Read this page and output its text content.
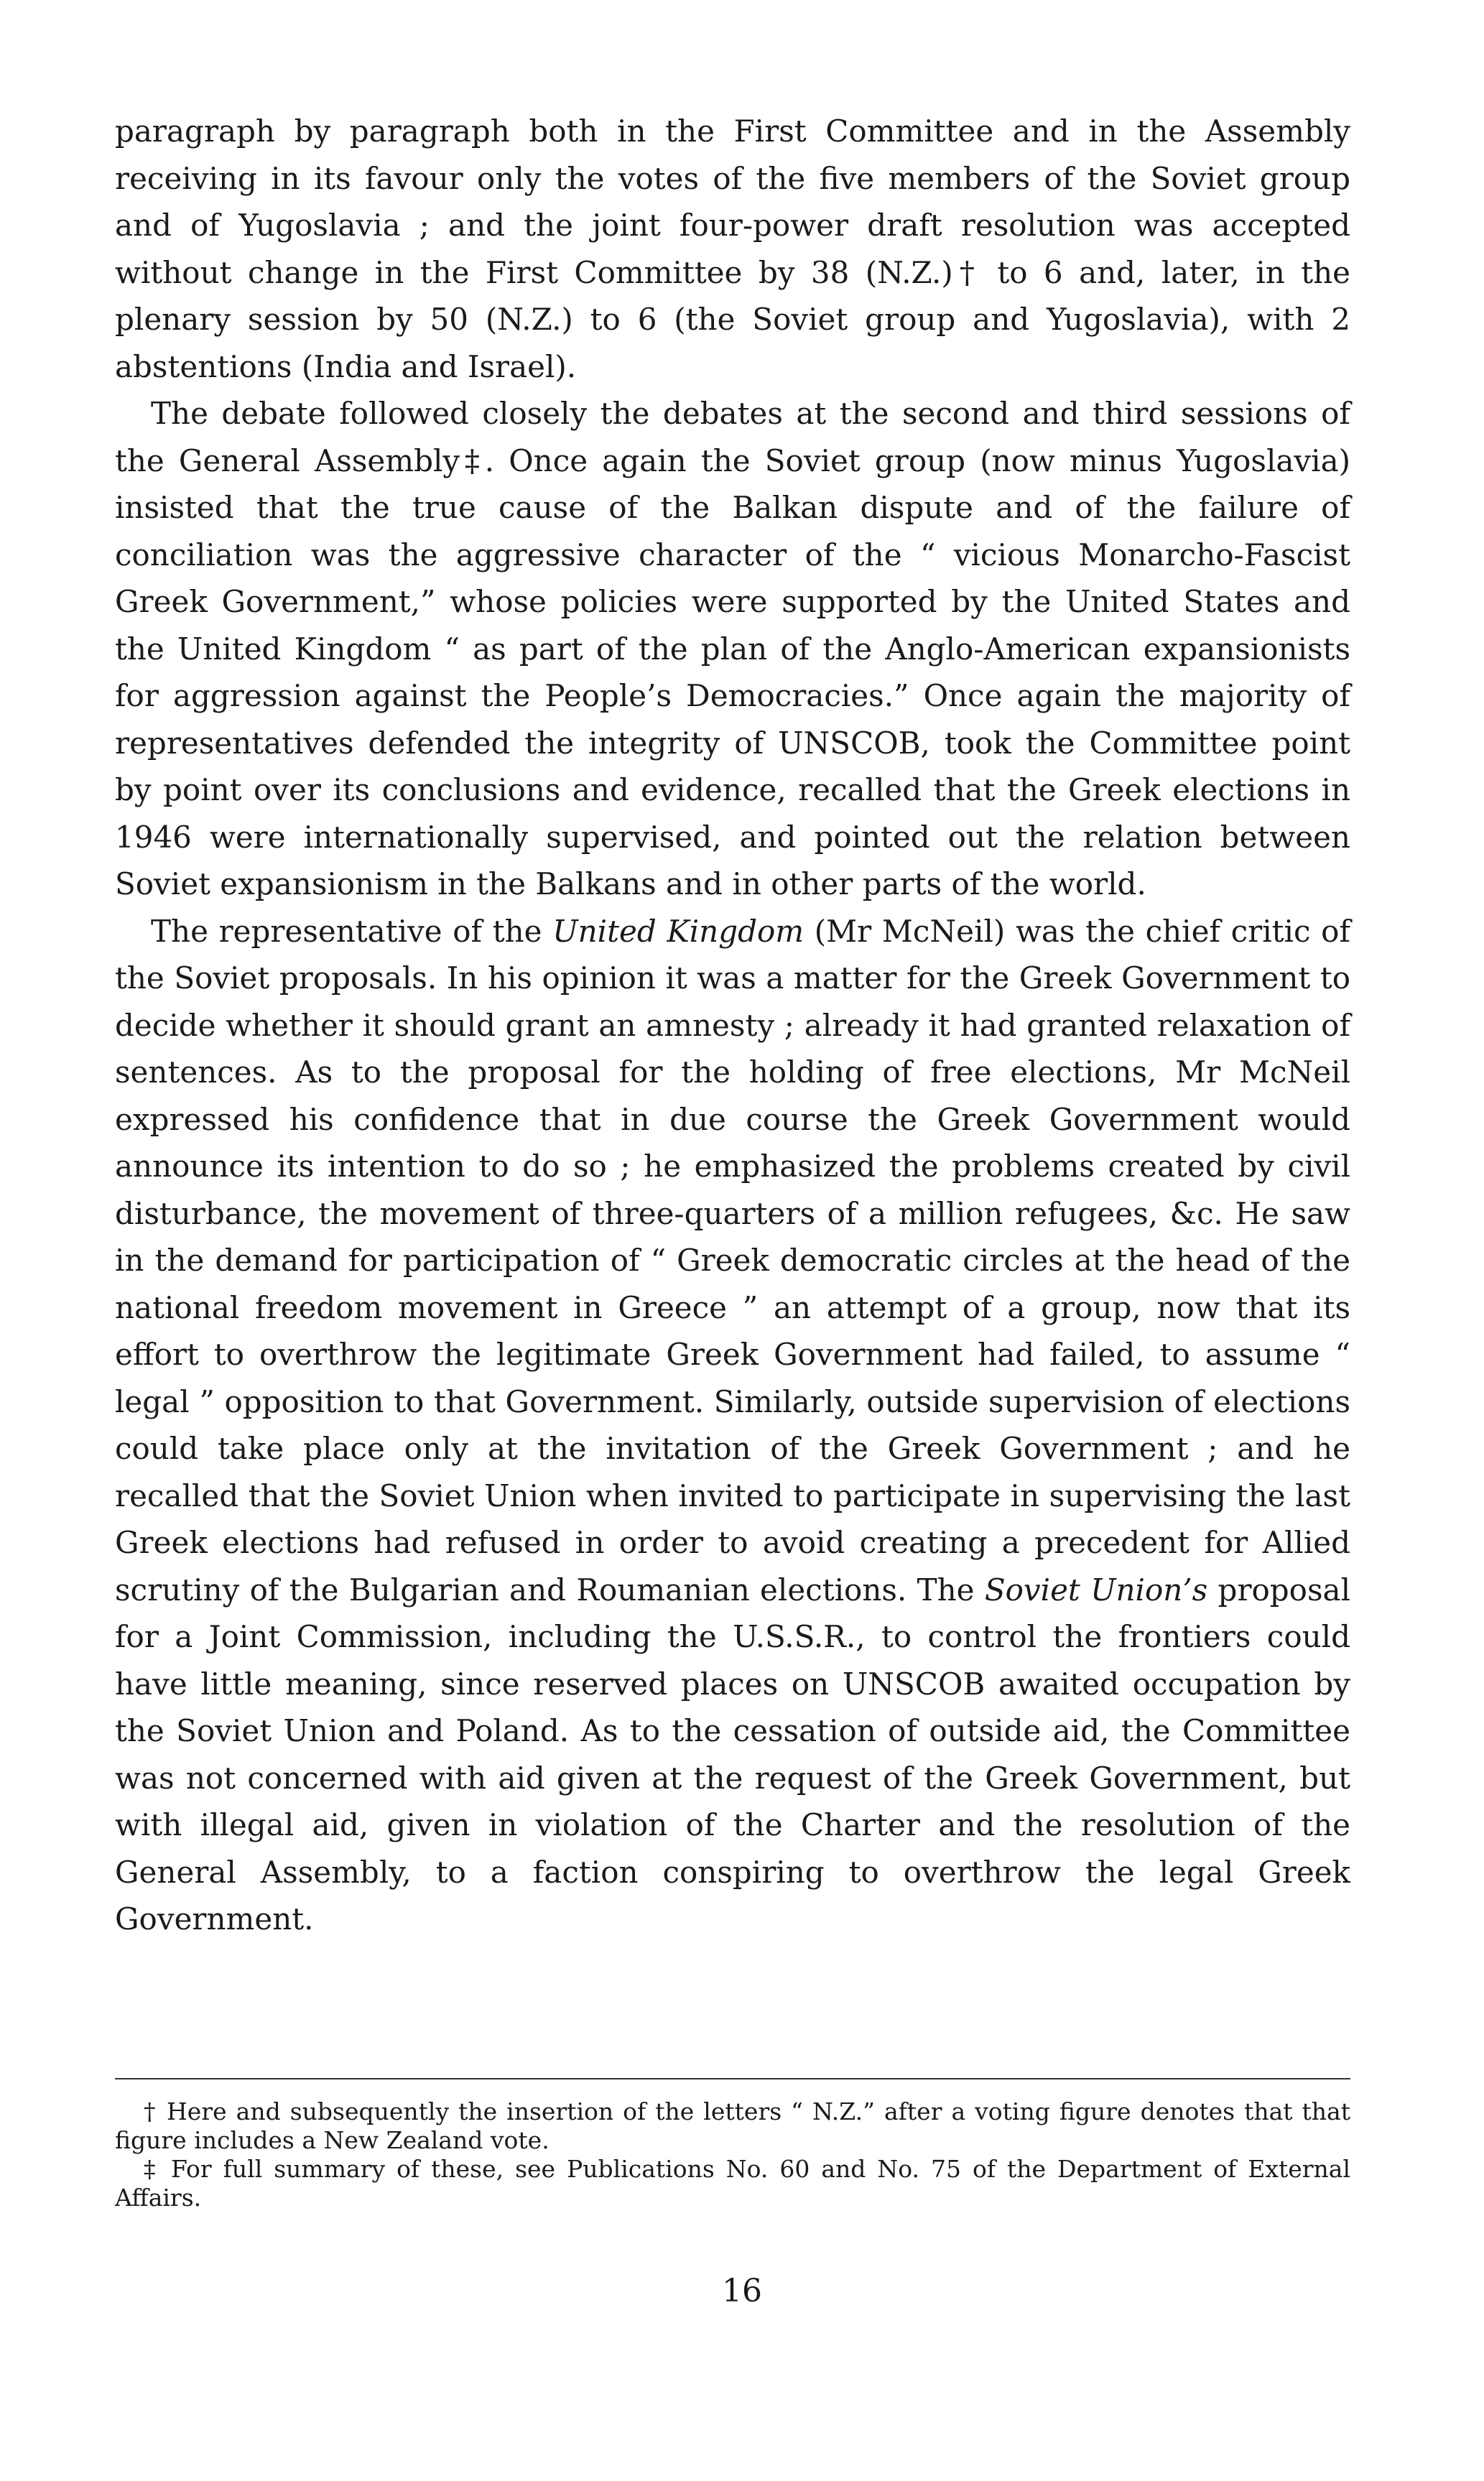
paragraph by paragraph both in the First Committee and in the Assembly receiving in its favour only the votes of the five members of the Soviet group and of Yugoslavia ; and the joint four-power draft resolution was accepted without change in the First Committee by 38 (N.Z.)† to 6 and, later, in the plenary session by 50 (N.Z.) to 6 (the Soviet group and Yugoslavia), with 2 abstentions (India and Israel).

The debate followed closely the debates at the second and third sessions of the General Assembly‡. Once again the Soviet group (now minus Yugoslavia) insisted that the true cause of the Balkan dispute and of the failure of conciliation was the aggressive character of the “ vicious Monarcho-Fascist Greek Government,” whose policies were supported by the United States and the United Kingdom “ as part of the plan of the Anglo-American expansionists for aggression against the People’s Democracies.” Once again the majority of representatives defended the integrity of UNSCOB, took the Committee point by point over its conclusions and evidence, recalled that the Greek elections in 1946 were internationally supervised, and pointed out the relation between Soviet expansionism in the Balkans and in other parts of the world.

The representative of the United Kingdom (Mr McNeil) was the chief critic of the Soviet proposals. In his opinion it was a matter for the Greek Government to decide whether it should grant an amnesty ; already it had granted relaxation of sentences. As to the proposal for the holding of free elections, Mr McNeil expressed his confidence that in due course the Greek Government would announce its intention to do so ; he emphasized the problems created by civil disturbance, the movement of three-quarters of a million refugees, &c. He saw in the demand for participation of “ Greek democratic circles at the head of the national freedom movement in Greece ” an attempt of a group, now that its effort to overthrow the legitimate Greek Government had failed, to assume “ legal ” opposition to that Government. Similarly, outside supervision of elections could take place only at the invitation of the Greek Government ; and he recalled that the Soviet Union when invited to participate in supervising the last Greek elections had refused in order to avoid creating a precedent for Allied scrutiny of the Bulgarian and Roumanian elections. The Soviet Union’s proposal for a Joint Commission, including the U.S.S.R., to control the frontiers could have little meaning, since reserved places on UNSCOB awaited occupation by the Soviet Union and Poland. As to the cessation of outside aid, the Committee was not concerned with aid given at the request of the Greek Government, but with illegal aid, given in violation of the Charter and the resolution of the General Assembly, to a faction conspiring to overthrow the legal Greek Government.

† Here and subsequently the insertion of the letters “ N.Z.” after a voting figure denotes that that figure includes a New Zealand vote.

‡ For full summary of these, see Publications No. 60 and No. 75 of the Department of External Affairs.

16
